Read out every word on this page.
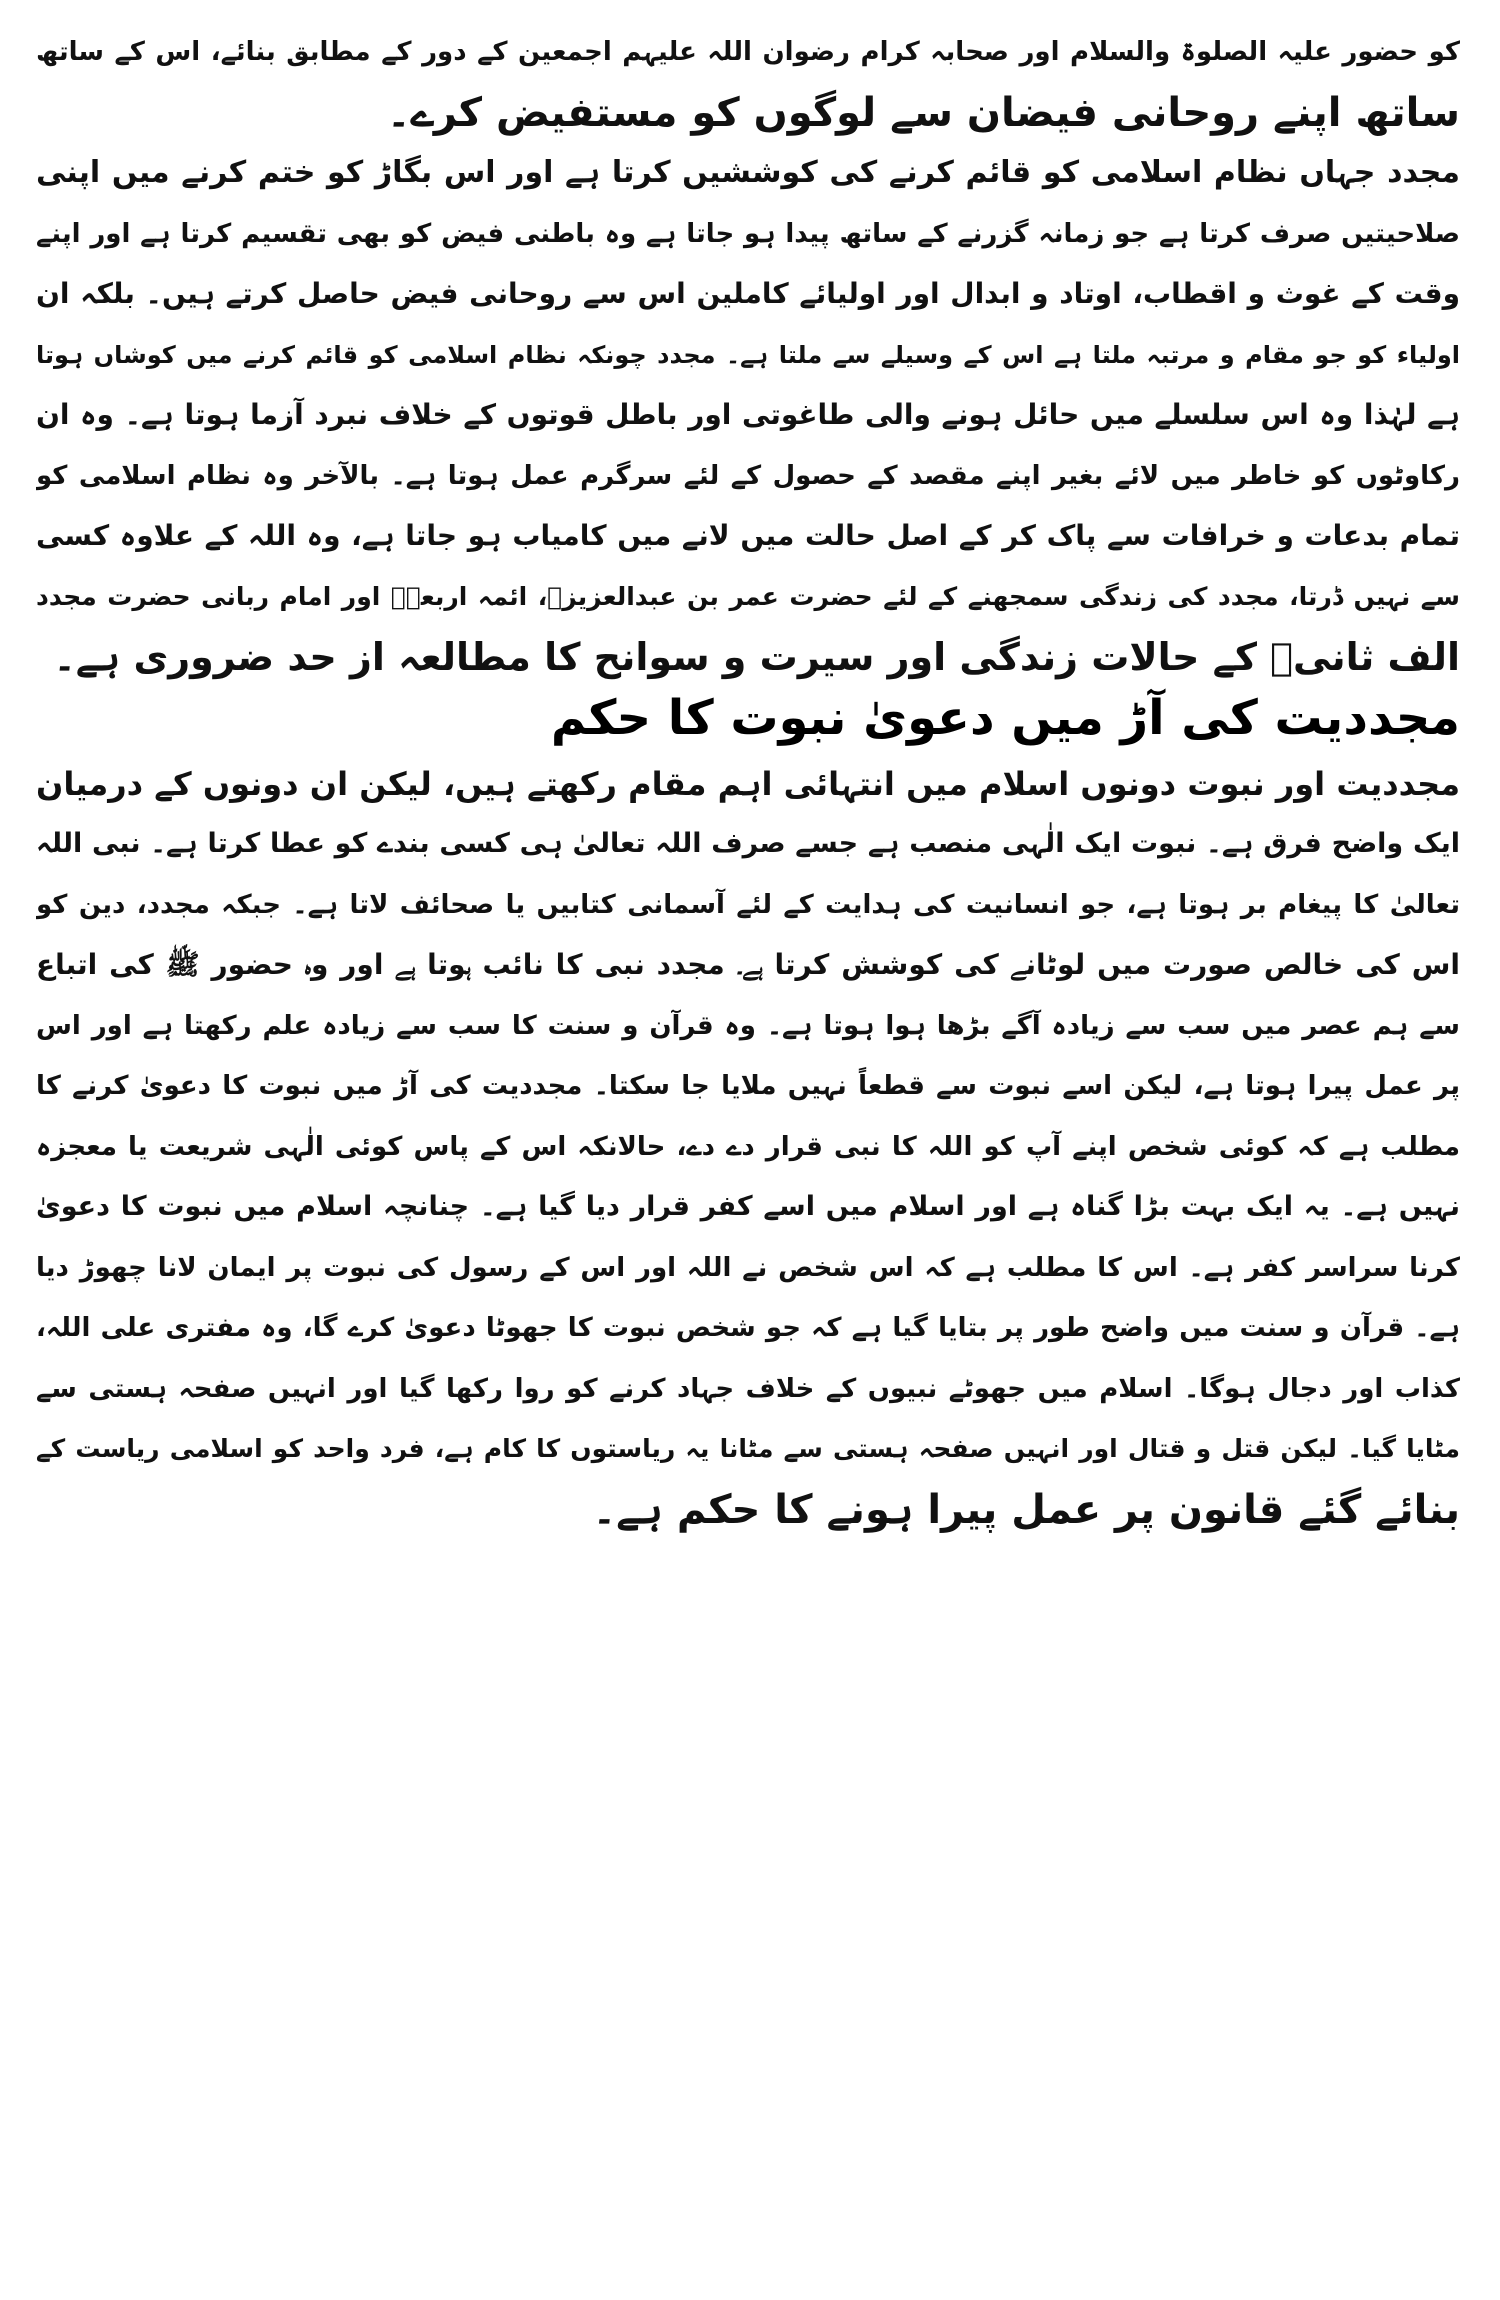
کو حضور علیہ الصلوۃ والسلام اور صحابہ کرام رضوان اللہ علیہم اجمعین کے دور کے مطابق بنائے، اس کے ساتھ
ساتھ اپنے روحانی فیضان سے لوگوں کو مستفیض کرے۔
مجدد جہاں نظام اسلامی کو قائم کرنے کی کوششیں کرتا ہے اور اس بگاڑ کو ختم کرنے میں اپنی
صلاحیتیں صرف کرتا ہے جو زمانہ گزرنے کے ساتھ پیدا ہو جاتا ہے وہ باطنی فیض کو بھی تقسیم کرتا ہے اور اپنے
وقت کے غوث و اقطاب، اوتاد و ابدال اور اولیائے کاملین اس سے روحانی فیض حاصل کرتے ہیں۔ بلکہ ان
اولیاء کو جو مقام و مرتبہ ملتا ہے اس کے وسیلے سے ملتا ہے۔ مجدد چونکہ نظام اسلامی کو قائم کرنے میں کوشاں ہوتا
ہے لہٰذا وہ اس سلسلے میں حائل ہونے والی طاغوتی اور باطل قوتوں کے خلاف نبرد آزما ہوتا ہے۔ وہ ان
رکاوٹوں کو خاطر میں لائے بغیر اپنے مقصد کے حصول کے لئے سرگرم عمل ہوتا ہے۔ بالآخر وہ نظام اسلامی کو
تمام بدعات و خرافات سے پاک کر کے اصل حالت میں لانے میں کامیاب ہو جاتا ہے، وہ اللہ کے علاوہ کسی
سے نہیں ڈرتا، مجدد کی زندگی سمجھنے کے لئے حضرت عمر بن عبدالعزیزؒ، ائمہ اربعہؒ اور امام ربانی حضرت مجدد
الف ثانیؒ کے حالات زندگی اور سیرت و سوانح کا مطالعہ از حد ضروری ہے۔
مجددیت کی آڑ میں دعویٰ نبوت کا حکم
مجددیت اور نبوت دونوں اسلام میں انتہائی اہم مقام رکھتے ہیں، لیکن ان دونوں کے درمیان
ایک واضح فرق ہے۔ نبوت ایک الٰہی منصب ہے جسے صرف اللہ تعالیٰ ہی کسی بندے کو عطا کرتا ہے۔ نبی اللہ
تعالیٰ کا پیغام بر ہوتا ہے، جو انسانیت کی ہدایت کے لئے آسمانی کتابیں یا صحائف لاتا ہے۔ جبکہ مجدد، دین کو
اس کی خالص صورت میں لوٹانے کی کوشش کرتا ہے۔ مجدد نبی کا نائب ہوتا ہے اور وہ حضور ﷺ کی اتباع
سے ہم عصر میں سب سے زیادہ آگے بڑھا ہوا ہوتا ہے۔ وہ قرآن و سنت کا سب سے زیادہ علم رکھتا ہے اور اس
پر عمل پیرا ہوتا ہے، لیکن اسے نبوت سے قطعاً نہیں ملایا جا سکتا۔ مجددیت کی آڑ میں نبوت کا دعویٰ کرنے کا
مطلب ہے کہ کوئی شخص اپنے آپ کو اللہ کا نبی قرار دے دے، حالانکہ اس کے پاس کوئی الٰہی شریعت یا معجزہ
نہیں ہے۔ یہ ایک بہت بڑا گناہ ہے اور اسلام میں اسے کفر قرار دیا گیا ہے۔ چنانچہ اسلام میں نبوت کا دعویٰ
کرنا سراسر کفر ہے۔ اس کا مطلب ہے کہ اس شخص نے اللہ اور اس کے رسول کی نبوت پر ایمان لانا چھوڑ دیا
ہے۔ قرآن و سنت میں واضح طور پر بتایا گیا ہے کہ جو شخص نبوت کا جھوٹا دعویٰ کرے گا، وہ مفتری علی اللہ،
کذاب اور دجال ہوگا۔ اسلام میں جھوٹے نبیوں کے خلاف جہاد کرنے کو روا رکھا گیا اور انہیں صفحہ ہستی سے
مٹایا گیا۔ لیکن قتل و قتال اور انہیں صفحہ ہستی سے مٹانا یہ ریاستوں کا کام ہے، فرد واحد کو اسلامی ریاست کے
بنائے گئے قانون پر عمل پیرا ہونے کا حکم ہے۔
